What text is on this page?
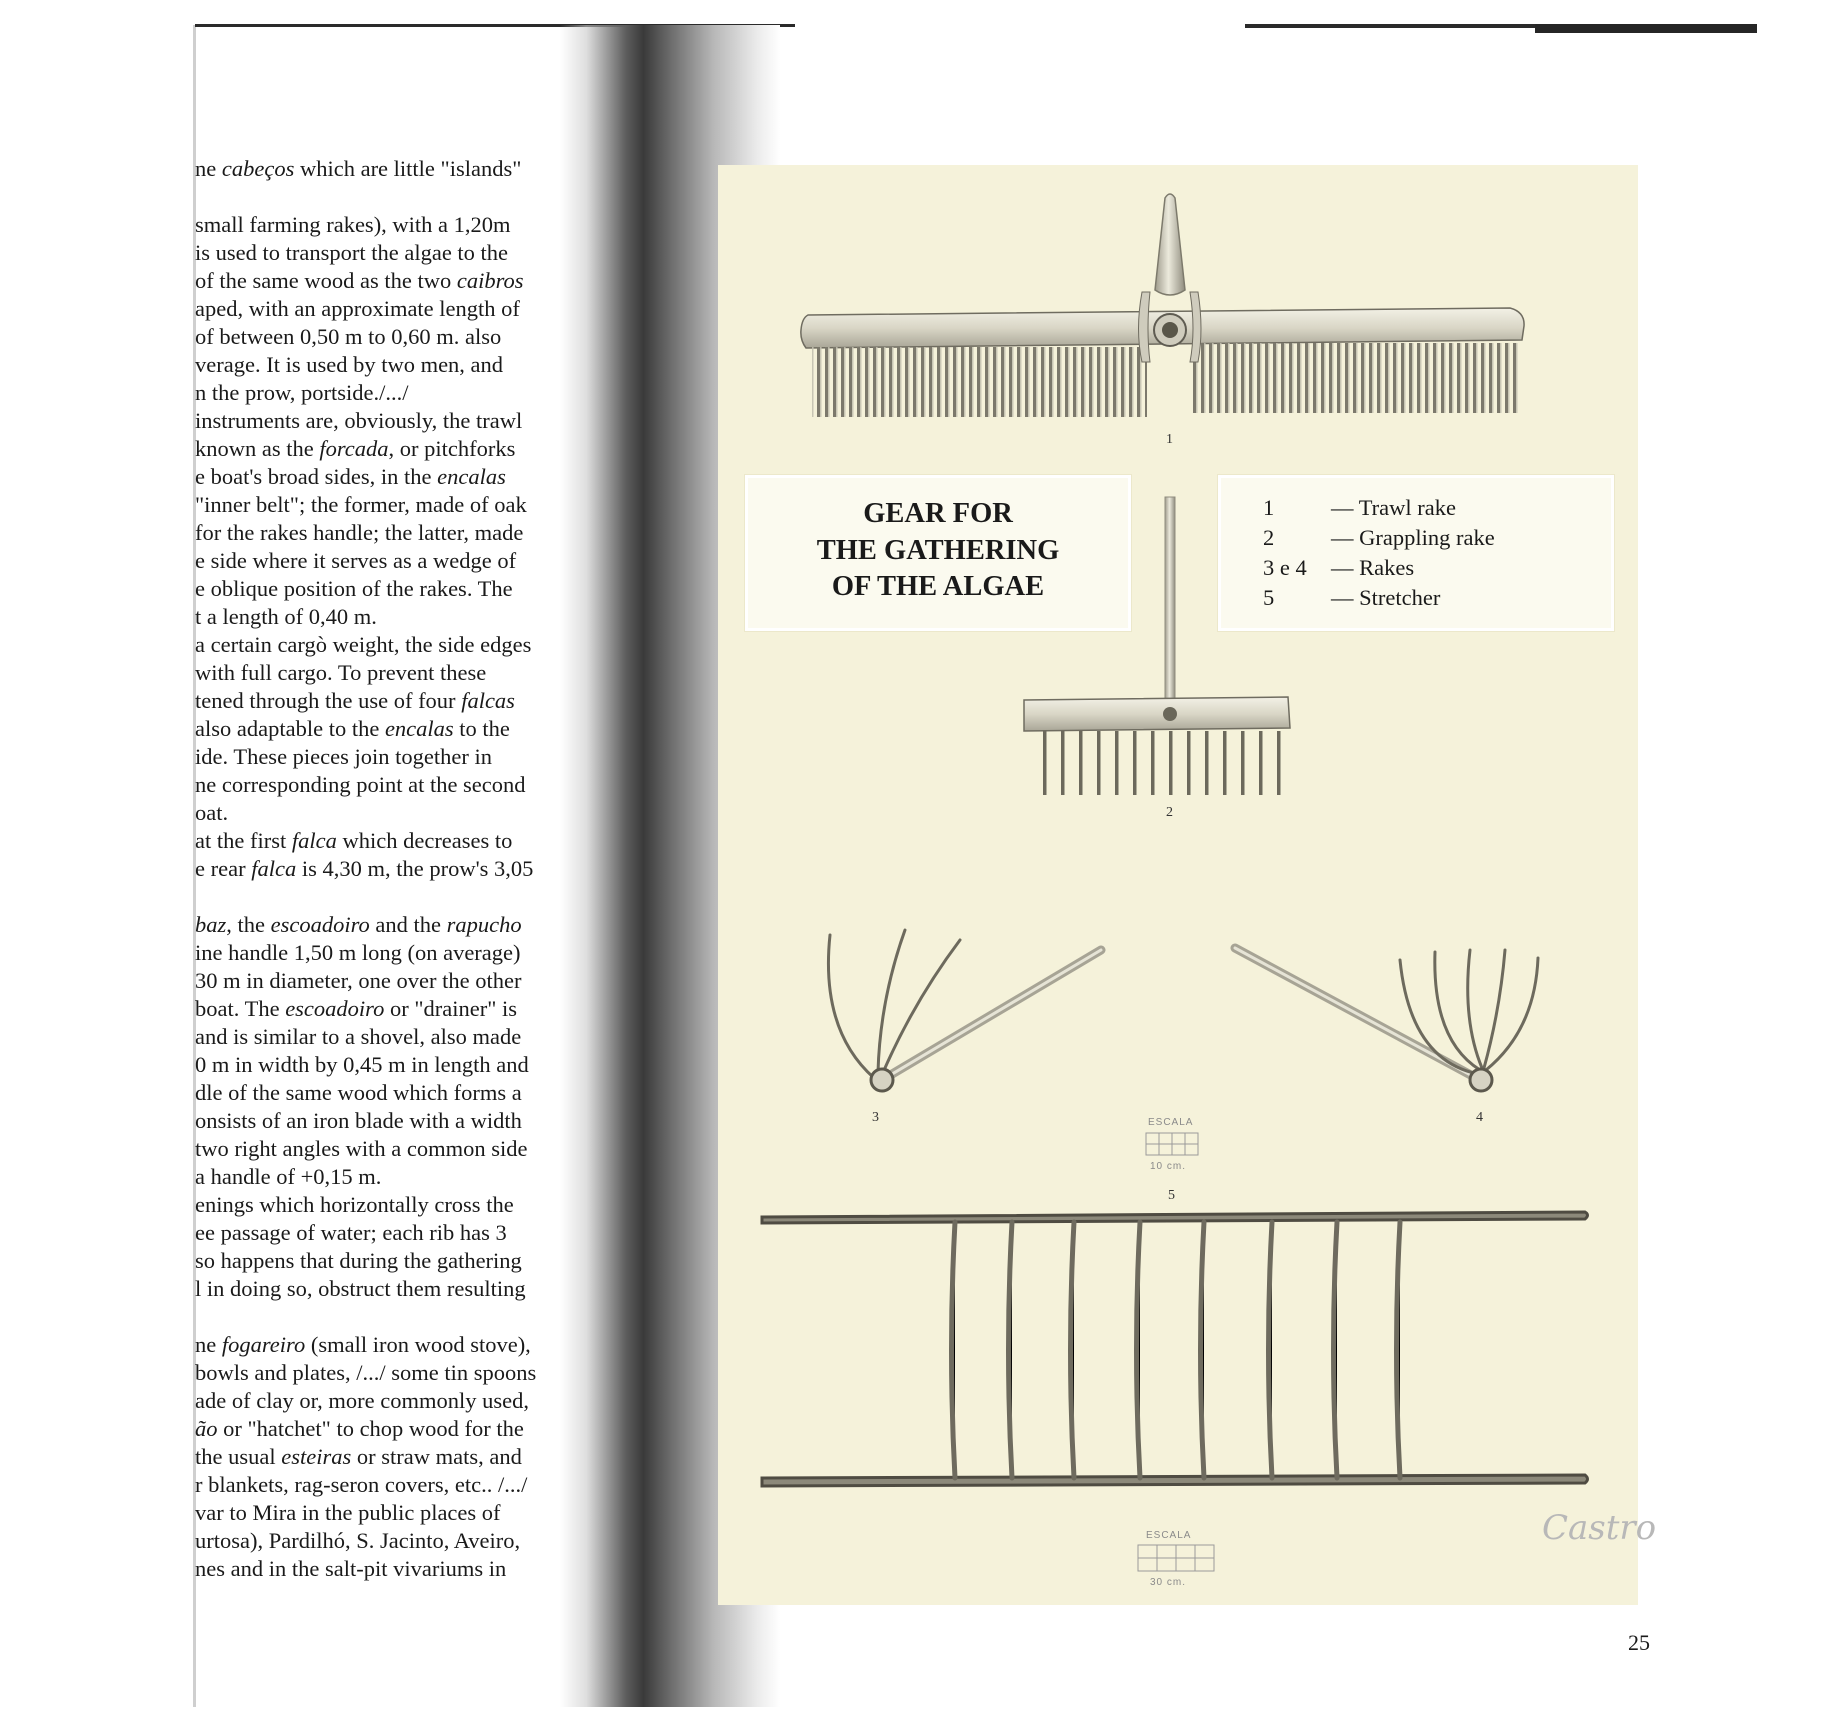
ne cabeços which are little "islands"
small farming rakes), with a 1,20m
is used to transport the algae to the
of the same wood as the two caibros
aped, with an approximate length of
of between 0,50 m to 0,60 m. also
verage. It is used by two men, and
n the prow, portside./.../
instruments are, obviously, the trawl
known as the forcada, or pitchforks
e boat's broad sides, in the encalas
"inner belt"; the former, made of oak
for the rakes handle; the latter, made
e side where it serves as a wedge of
e oblique position of the rakes. The
t a length of 0,40 m.
a certain cargò weight, the side edges
with full cargo. To prevent these
tened through the use of four falcas
also adaptable to the encalas to the
ide. These pieces join together in
ne corresponding point at the second
oat.
at the first falca which decreases to
e rear falca is 4,30 m, the prow's 3,05
baz, the escoadoiro and the rapucho
ine handle 1,50 m long (on average)
30 m in diameter, one over the other
boat. The escoadoiro or "drainer" is
and is similar to a shovel, also made
0 m in width by 0,45 m in length and
dle of the same wood which forms a
onsists of an iron blade with a width
two right angles with a common side
a handle of +0,15 m.
enings which horizontally cross the
ee passage of water; each rib has 3
so happens that during the gathering
l in doing so, obstruct them resulting
ne fogareiro (small iron wood stove),
bowls and plates, /.../ some tin spoons
ade of clay or, more commonly used,
ão or "hatchet" to chop wood for the
the usual esteiras or straw mats, and
r blankets, rag-seron covers, etc.. /.../
var to Mira in the public places of
urtosa), Pardilhó, S. Jacinto, Aveiro,
nes and in the salt-pit vivariums in
1
2
3	4
5
ESCALA
10 cm.
ESCALA
30 cm.
GEAR FOR
THE GATHERING
OF THE ALGAE
1	— Trawl rake
2	— Grappling rake
3 e 4	— Rakes
5	— Stretcher
Castro
25
